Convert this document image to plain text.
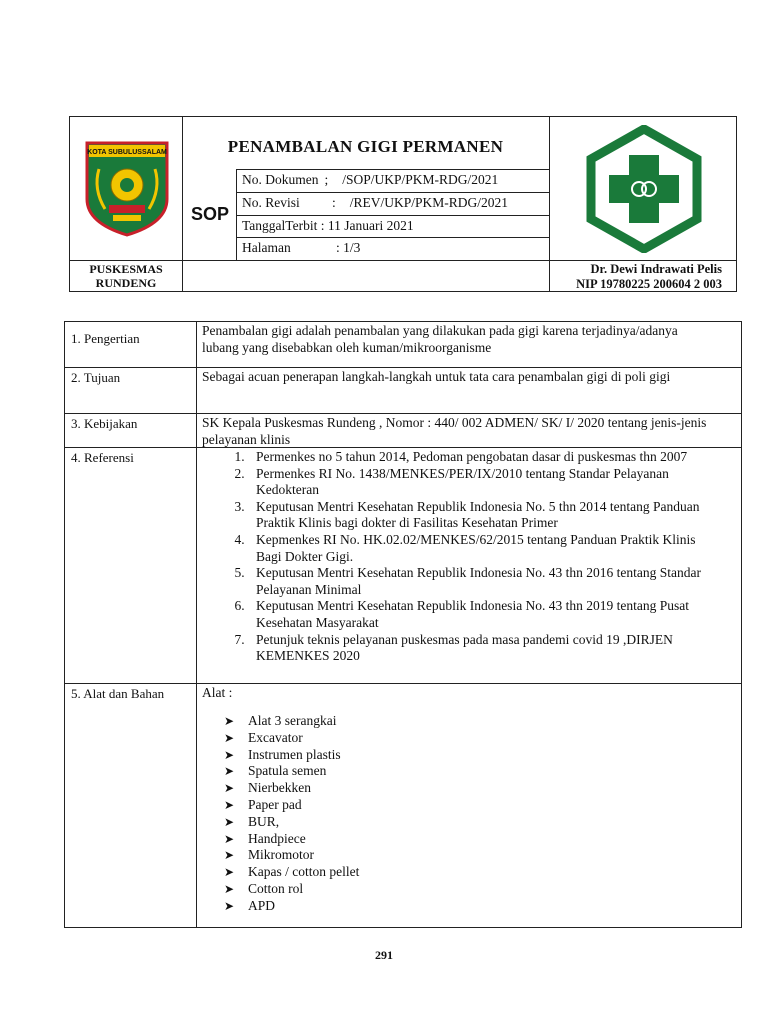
KOTA SUBULUSSALAM	PENAMBALAN GIGI PERMANEN
SOP
No. Dokumen ; /SOP/UKP/PKM-RDG/2021
No. Revisi : /REV/UKP/PKM-RDG/2021
TanggalTerbit : 11 Januari 2021
Halaman	: 1/3
PUSKESMAS
RUNDENG
Dr. Dewi Indrawati Pelis
NIP 19780225 200604 2 003
1. Pengertian
Penambalan gigi adalah penambalan yang dilakukan pada gigi karena terjadinya/adanya lubang yang disebabkan oleh kuman/mikroorganisme
2. Tujuan	Sebagai acuan penerapan langkah-langkah untuk tata cara penambalan gigi di poli gigi
3. Kebijakan	SK Kepala Puskesmas Rundeng , Nomor : 440/ 002 ADMEN/ SK/ I/ 2020 tentang jenis-jenis pelayanan klinis
4. Referensi
1.	Permenkes no 5 tahun 2014, Pedoman pengobatan dasar di puskesmas thn 2007
2. Permenkes RI No. 1438/MENKES/PER/IX/2010 tentang Standar Pelayanan Kedokteran
3. Keputusan Mentri Kesehatan Republik Indonesia No. 5 thn 2014 tentang Panduan Praktik Klinis bagi dokter di Fasilitas Kesehatan Primer
4. Kepmenkes RI No. HK.02.02/MENKES/62/2015 tentang Panduan Praktik Klinis Bagi Dokter Gigi.
5. Keputusan Mentri Kesehatan Republik Indonesia No. 43 thn 2016 tentang Standar Pelayanan Minimal
6. Keputusan Mentri Kesehatan Republik Indonesia No. 43 thn 2019 tentang Pusat Kesehatan Masyarakat
7. Petunjuk teknis pelayanan puskesmas pada masa pandemi covid 19 ,DIRJEN KEMENKES 2020
5. Alat dan Bahan	Alat :
➤ Alat 3 serangkai
➤ Excavator
➤ Instrumen plastis
➤ Spatula semen
➤ Nierbekken
➤ Paper pad
➤ BUR,
➤ Handpiece
➤ Mikromotor
➤ Kapas / cotton pellet
➤ Cotton rol
➤ APD
291
